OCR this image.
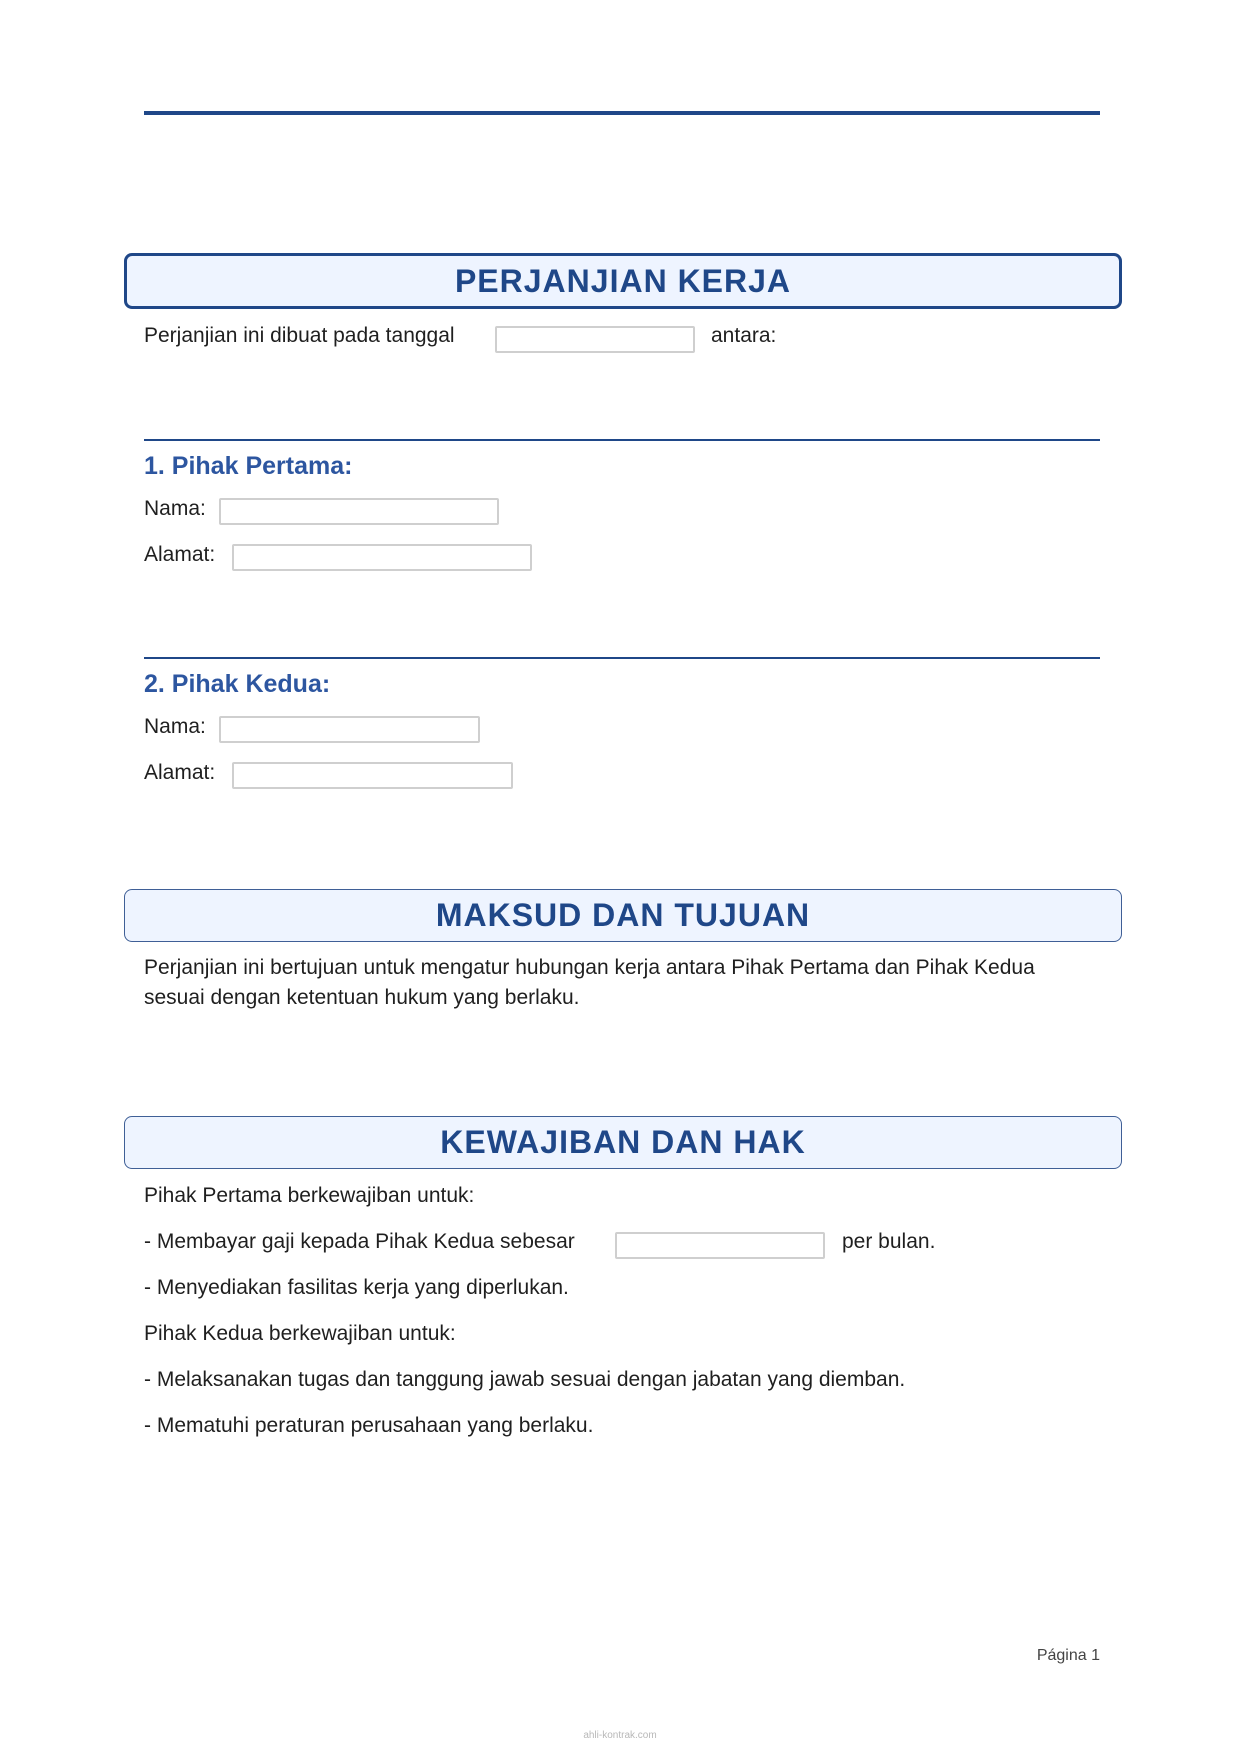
PERJANJIAN KERJA
Perjanjian ini dibuat pada tanggal	antara:
1. Pihak Pertama:
Nama:
Alamat:
2. Pihak Kedua:
Nama:
Alamat:
MAKSUD DAN TUJUAN
Perjanjian ini bertujuan untuk mengatur hubungan kerja antara Pihak Pertama dan Pihak Kedua sesuai dengan ketentuan hukum yang berlaku.
KEWAJIBAN DAN HAK
Pihak Pertama berkewajiban untuk:
- Membayar gaji kepada Pihak Kedua sebesar	per bulan.
- Menyediakan fasilitas kerja yang diperlukan.
Pihak Kedua berkewajiban untuk:
- Melaksanakan tugas dan tanggung jawab sesuai dengan jabatan yang diemban.
- Mematuhi peraturan perusahaan yang berlaku.
Página 1
ahli-kontrak.com
